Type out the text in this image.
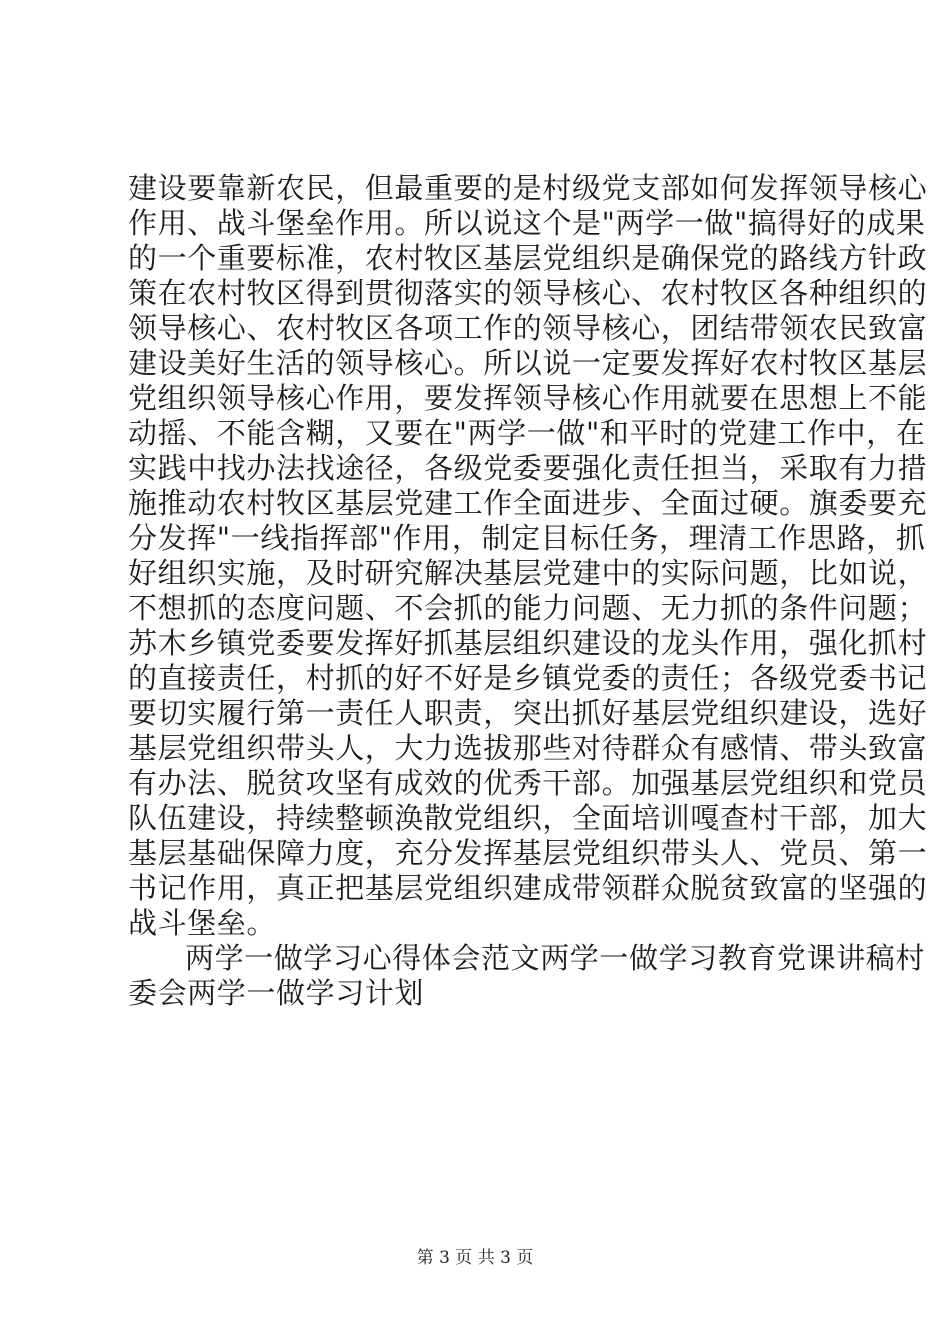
建设要靠新农民，但最重要的是村级党支部如何发挥领导核心
作用、战斗堡垒作用。所以说这个是"两学一做"搞得好的成果
的一个重要标准，农村牧区基层党组织是确保党的路线方针政
策在农村牧区得到贯彻落实的领导核心、农村牧区各种组织的
领导核心、农村牧区各项工作的领导核心，团结带领农民致富
建设美好生活的领导核心。所以说一定要发挥好农村牧区基层
党组织领导核心作用，要发挥领导核心作用就要在思想上不能
动摇、不能含糊，又要在"两学一做"和平时的党建工作中，在
实践中找办法找途径，各级党委要强化责任担当，采取有力措
施推动农村牧区基层党建工作全面进步、全面过硬。旗委要充
分发挥"一线指挥部"作用，制定目标任务，理清工作思路，抓
好组织实施，及时研究解决基层党建中的实际问题，比如说，
不想抓的态度问题、不会抓的能力问题、无力抓的条件问题；
苏木乡镇党委要发挥好抓基层组织建设的龙头作用，强化抓村
的直接责任，村抓的好不好是乡镇党委的责任；各级党委书记
要切实履行第一责任人职责，突出抓好基层党组织建设，选好
基层党组织带头人，大力选拔那些对待群众有感情、带头致富
有办法、脱贫攻坚有成效的优秀干部。加强基层党组织和党员
队伍建设，持续整顿涣散党组织，全面培训嘎查村干部，加大
基层基础保障力度，充分发挥基层党组织带头人、党员、第一
书记作用，真正把基层党组织建成带领群众脱贫致富的坚强的
战斗堡垒。
两学一做学习心得体会范文两学一做学习教育党课讲稿村
委会两学一做学习计划
第 3 页 共 3 页
